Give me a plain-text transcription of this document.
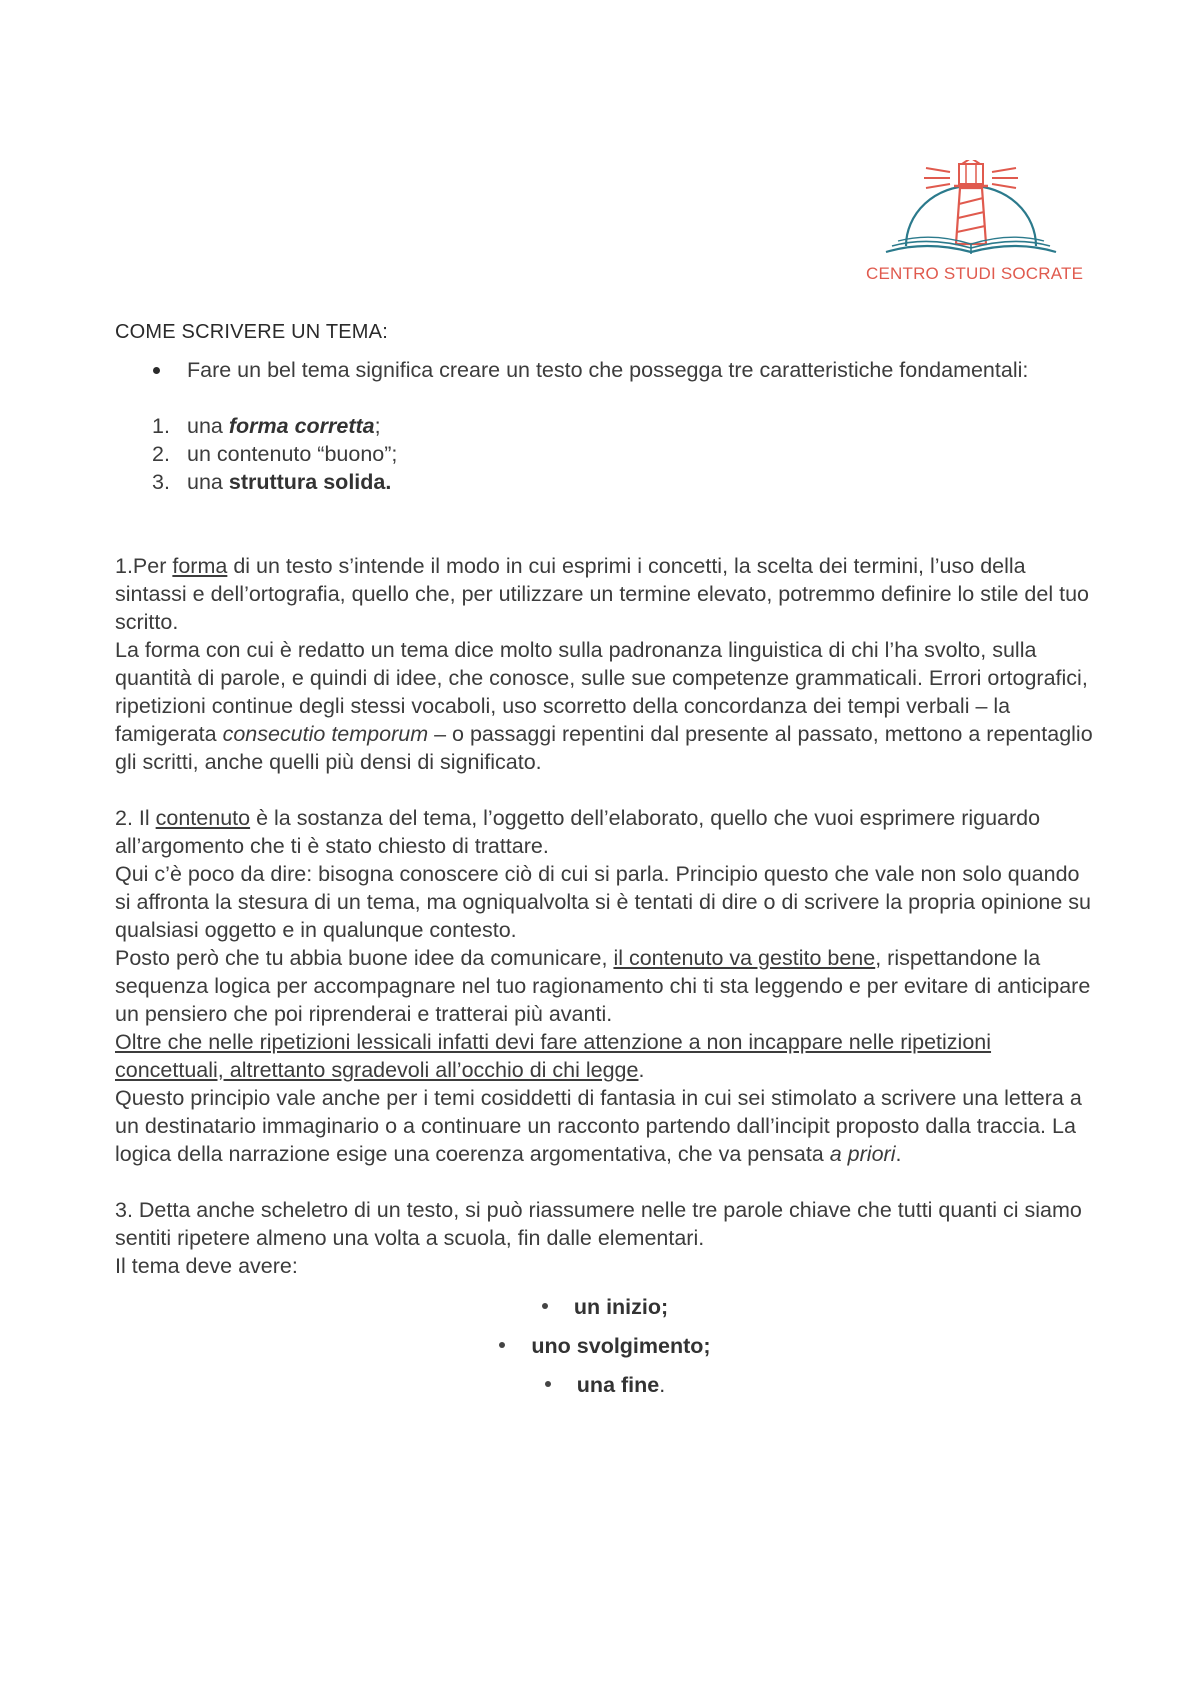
CENTRO STUDI SOCRATE
COME SCRIVERE UN TEMA:
Fare un bel tema significa creare un testo che possegga tre caratteristiche fondamentali:
1. una forma corretta;
2. un contenuto “buono”;
3. una struttura solida.

1.Per forma di un testo s’intende il modo in cui esprimi i concetti, la scelta dei termini, l’uso della sintassi e dell’ortografia, quello che, per utilizzare un termine elevato, potremmo definire lo stile del tuo scritto.

La forma con cui è redatto un tema dice molto sulla padronanza linguistica di chi l’ha svolto, sulla quantità di parole, e quindi di idee, che conosce, sulle sue competenze grammaticali. Errori ortografici, ripetizioni continue degli stessi vocaboli, uso scorretto della concordanza dei tempi verbali – la famigerata consecutio temporum – o passaggi repentini dal presente al passato, mettono a repentaglio gli scritti, anche quelli più densi di significato.

2. Il contenuto è la sostanza del tema, l’oggetto dell’elaborato, quello che vuoi esprimere riguardo all’argomento che ti è stato chiesto di trattare.

Qui c’è poco da dire: bisogna conoscere ciò di cui si parla. Principio questo che vale non solo quando si affronta la stesura di un tema, ma ogniqualvolta si è tentati di dire o di scrivere la propria opinione su qualsiasi oggetto e in qualunque contesto.

Posto però che tu abbia buone idee da comunicare, il contenuto va gestito bene, rispettandone la sequenza logica per accompagnare nel tuo ragionamento chi ti sta leggendo e per evitare di anticipare un pensiero che poi riprenderai e tratterai più avanti.

Oltre che nelle ripetizioni lessicali infatti devi fare attenzione a non incappare nelle ripetizioni concettuali, altrettanto sgradevoli all’occhio di chi legge.

Questo principio vale anche per i temi cosiddetti di fantasia in cui sei stimolato a scrivere una lettera a un destinatario immaginario o a continuare un racconto partendo dall’incipit proposto dalla traccia. La logica della narrazione esige una coerenza argomentativa, che va pensata a priori.

3. Detta anche scheletro di un testo, si può riassumere nelle tre parole chiave che tutti quanti ci siamo sentiti ripetere almeno una volta a scuola, fin dalle elementari.

Il tema deve avere:

un inizio;
uno svolgimento;
una fine.
